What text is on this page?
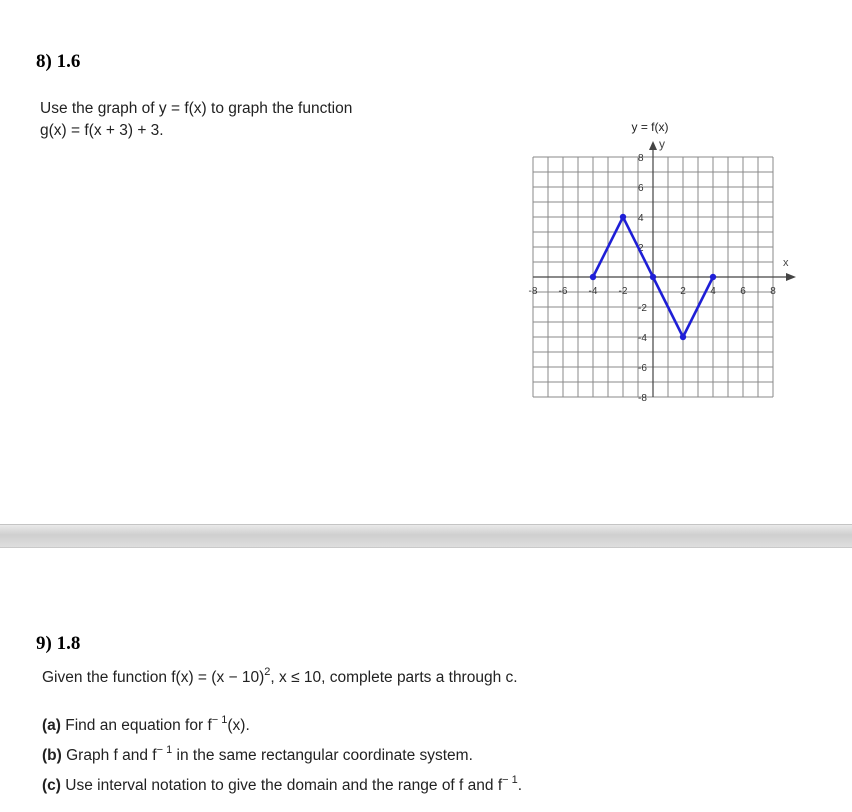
8) 1.6
Use the graph of y = f(x) to graph the function
g(x) = f(x + 3) + 3.	y = f(x)
x
y
-8 -6 -4 -2	2 4 6 8
8
6
4
2
-2
-4
-6
-8
9) 1.8
Given the function $f(x) = (x - 10)^2$, x ≤ 10, complete parts a through c.
(a) Find an equation for $f^{- 1}(x)$.
(b) Graph f and $f^{- 1}$ in the same rectangular coordinate system.
(c) Use interval notation to give the domain and the range of f and $f^{- 1}$.
